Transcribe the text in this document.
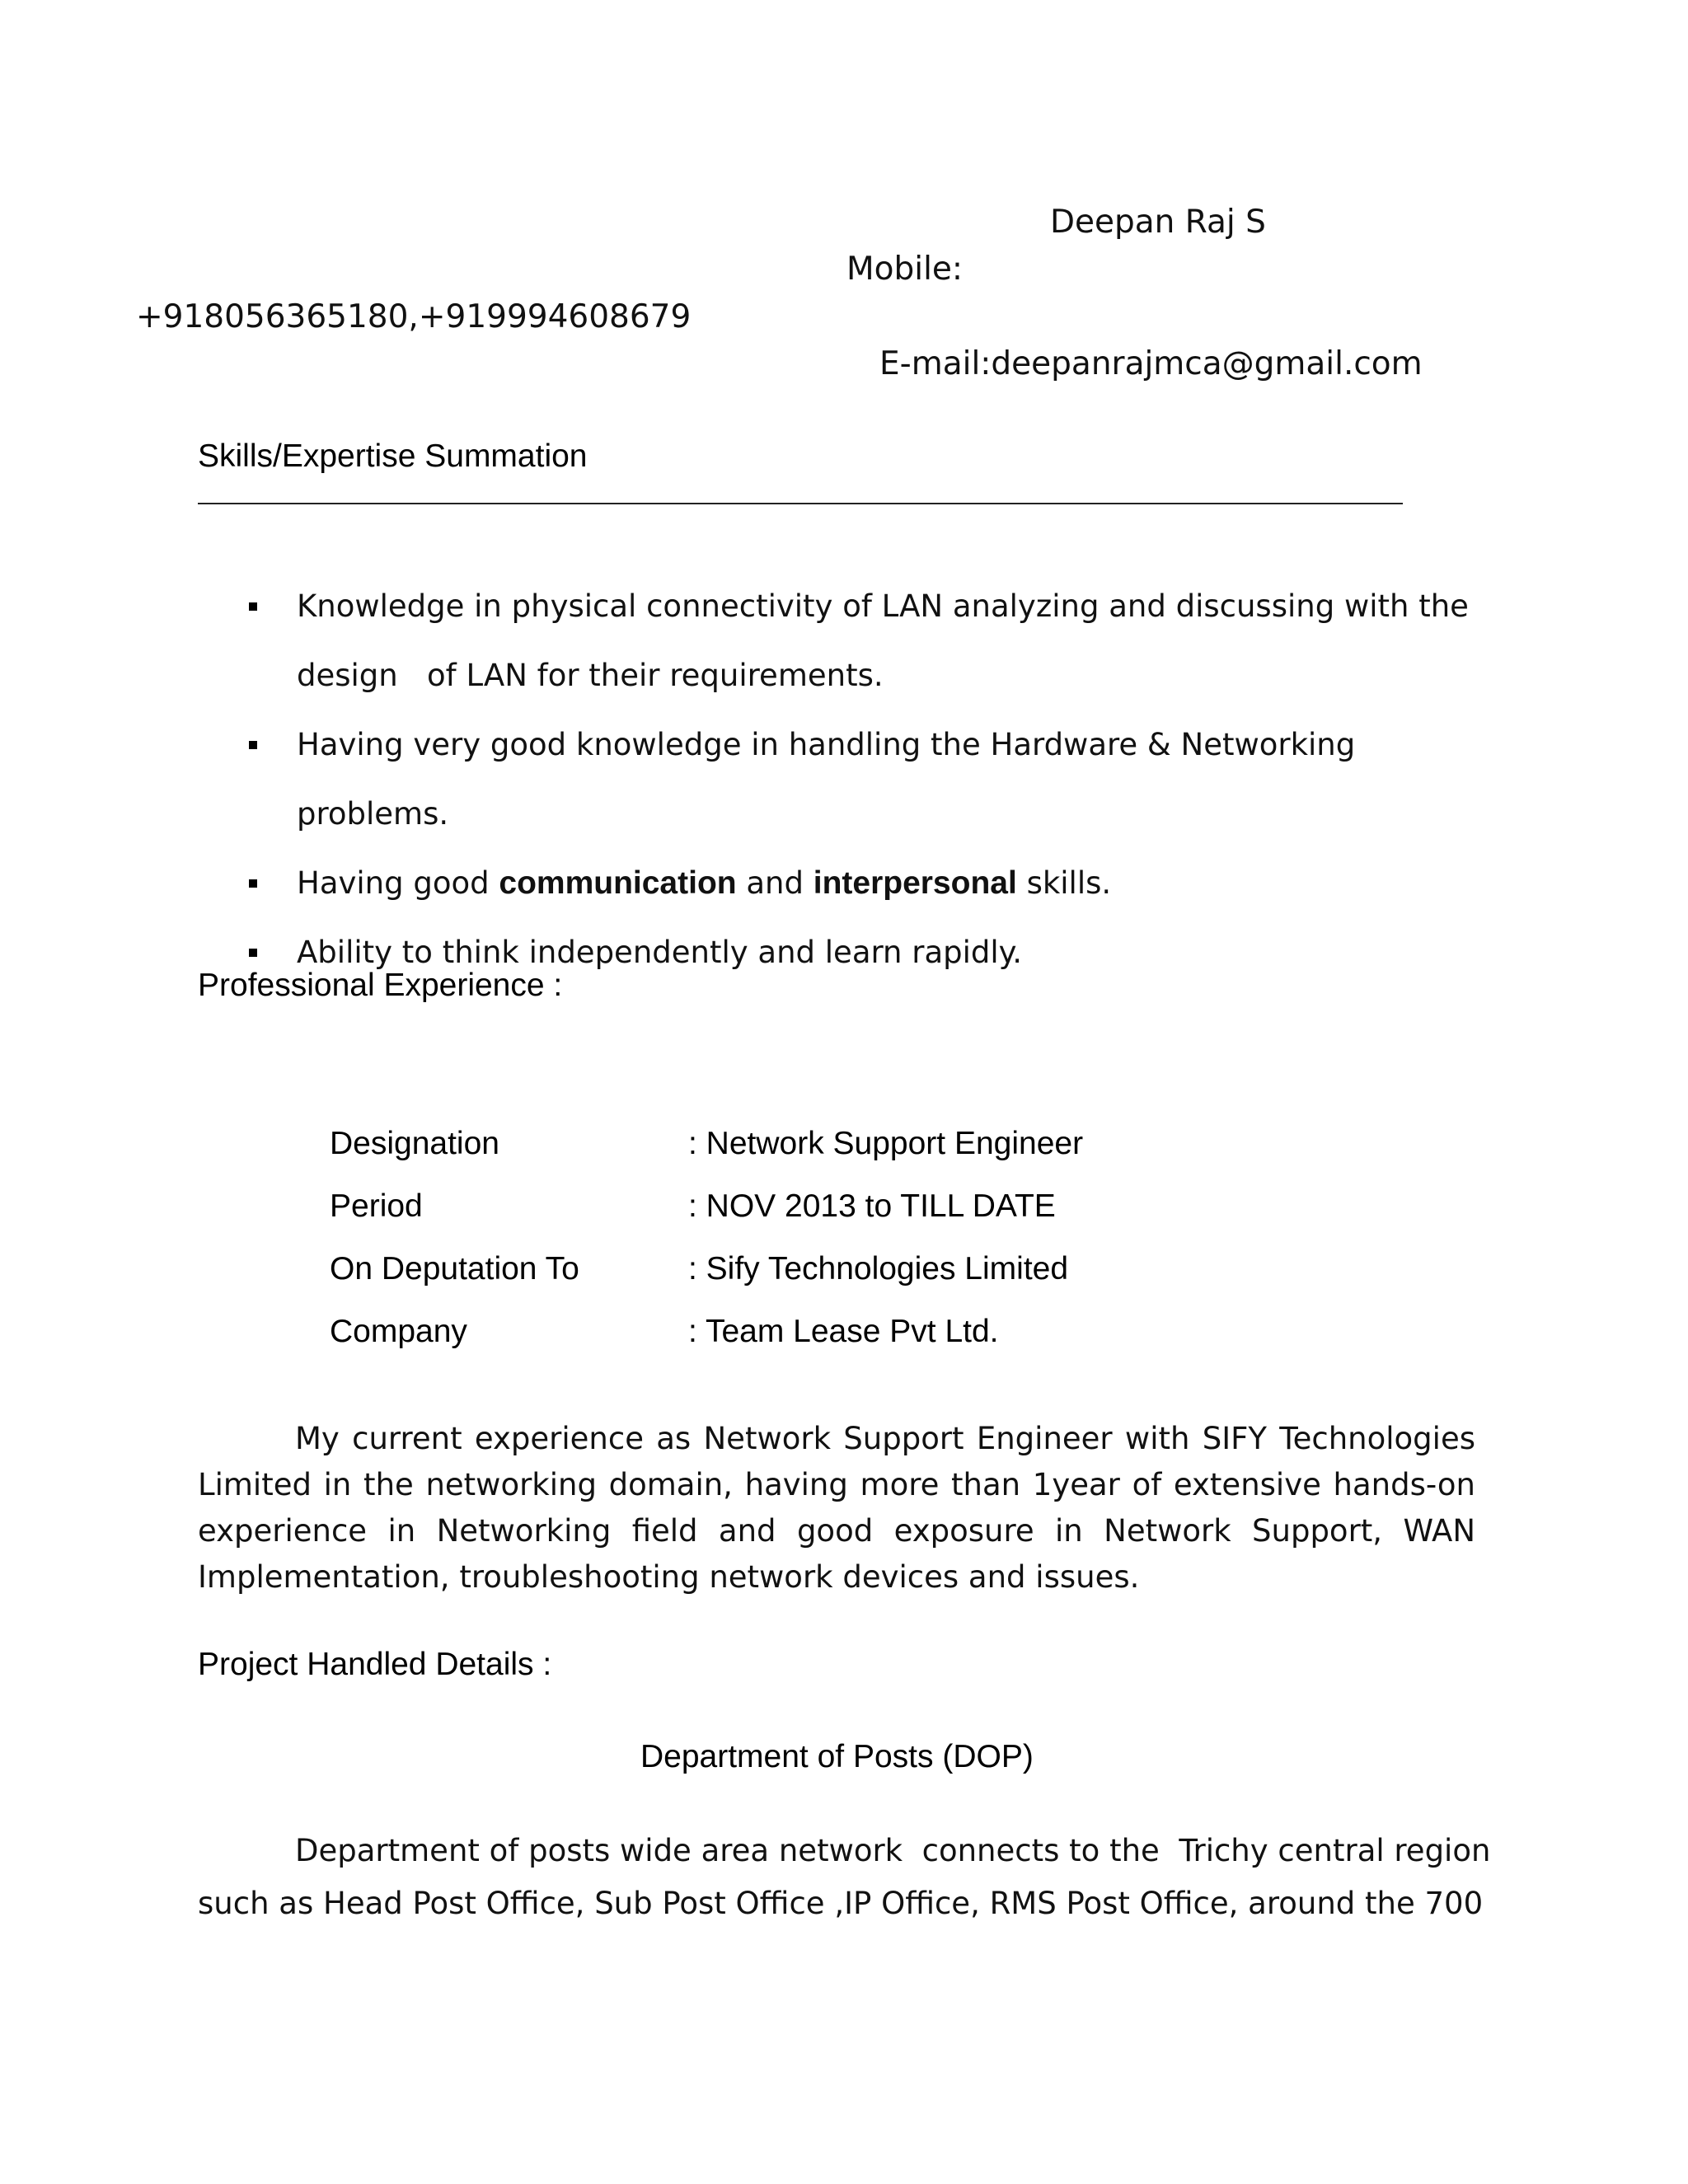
Deepan Raj S
Mobile:
+918056365180,+919994608679
E-mail:deepanrajmca@gmail.com
Skills/Expertise Summation
Knowledge in physical connectivity of LAN analyzing and discussing with the
design   of LAN for their requirements.
Having very good knowledge in handling the Hardware & Networking problems.
Having good communication and interpersonal skills.
Ability to think independently and learn rapidly.
Professional Experience :
Designation	: Network Support Engineer
Period	: NOV 2013 to TILL DATE
On Deputation To	: Sify Technologies Limited
Company	: Team Lease Pvt Ltd.
My current experience as Network Support Engineer with SIFY Technologies
Limited in the networking domain, having more than 1year of extensive hands-on
experience in Networking field and good exposure in Network Support, WAN
Implementation, troubleshooting network devices and issues.
Project Handled Details :
Department of Posts (DOP)
Department of posts wide area network  connects to the  Trichy central region
such as Head Post Office, Sub Post Office ,IP Office, RMS Post Office, around the 700
